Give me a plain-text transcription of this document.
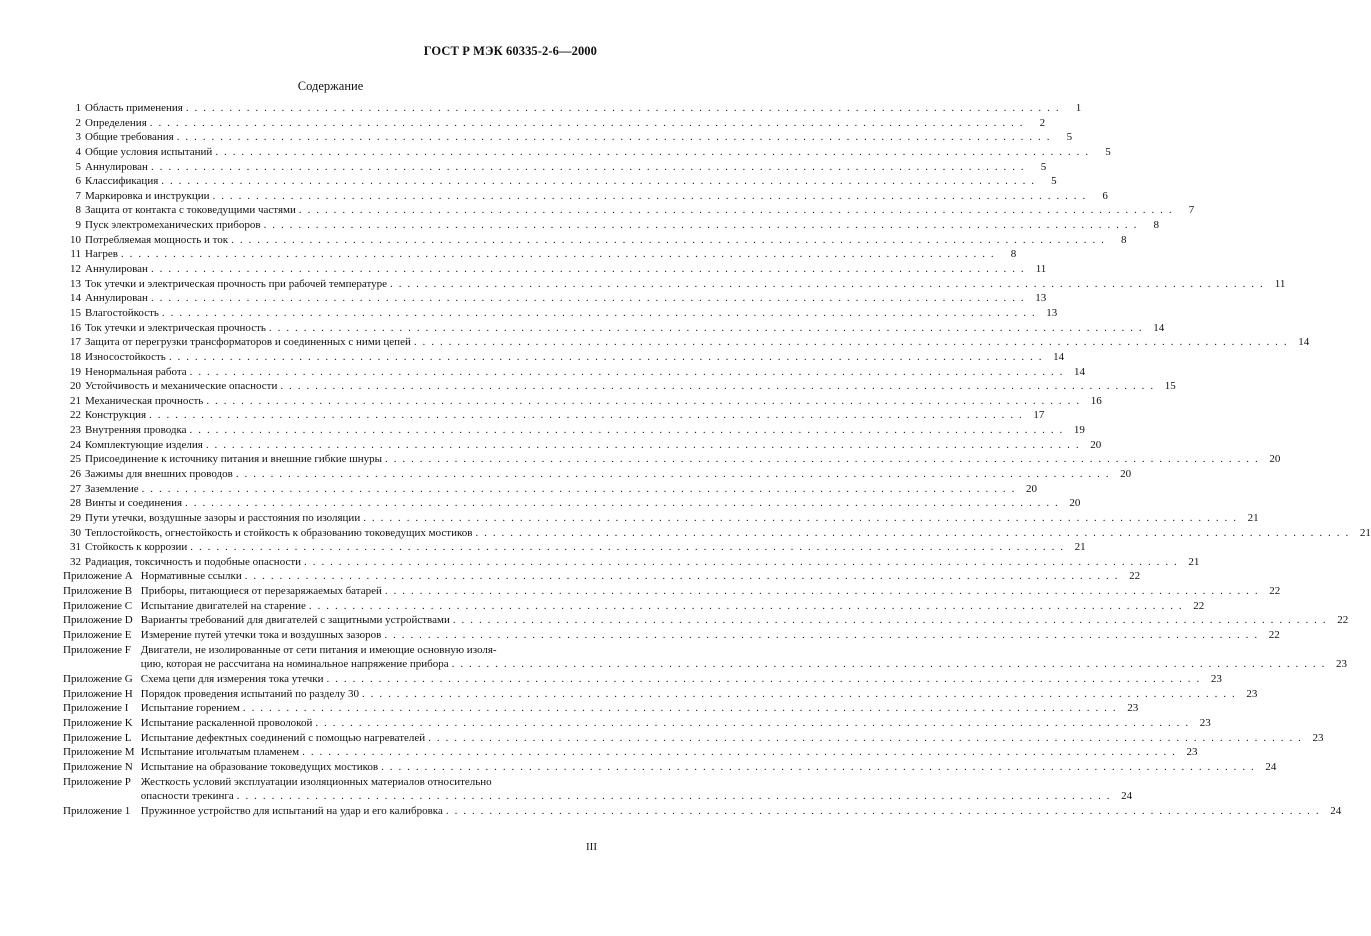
ГОСТ Р МЭК 60335-2-6—2000
Содержание
1 Область применения . . .	1
2 Определения . . .	2
3 Общие требования . . .	5
4 Общие условия испытаний . . .	5
5 Аннулирован . . .	5
6 Классификация . . .	5
7 Маркировка и инструкции . . .	6
8 Защита от контакта с токоведущими частями . . .	7
9 Пуск электромеханических приборов . . .	8
10 Потребляемая мощность и ток . . .	8
11 Нагрев . . .	8
12 Аннулирован . . .	11
13 Ток утечки и электрическая прочность при рабочей температуре . . .	11
14 Аннулирован . . .	13
15 Влагостойкость . . .	13
16 Ток утечки и электрическая прочность . . .	14
17 Защита от перегрузки трансформаторов и соединенных с ними цепей . . .	14
18 Износостойкость . . .	14
19 Ненормальная работа . . .	14
20 Устойчивость и механические опасности . . .	15
21 Механическая прочность . . .	16
22 Конструкция . . .	17
23 Внутренняя проводка . . .	19
24 Комплектующие изделия . . .	20
25 Присоединение к источнику питания и внешние гибкие шнуры . . .	20
26 Зажимы для внешних проводов . . .	20
27 Заземление . . .	20
28 Винты и соединения . . .	20
29 Пути утечки, воздушные зазоры и расстояния по изоляции . . .	21
30 Теплостойкость, огнестойкость и стойкость к образованию токоведущих мостиков . . .	21
31 Стойкость к коррозии . . .	21
32 Радиация, токсичность и подобные опасности . . .	21
Приложение A Нормативные ссылки . . .	22
Приложение B Приборы, питающиеся от перезаряжаемых батарей . . .	22
Приложение C Испытание двигателей на старение . . .	22
Приложение D Варианты требований для двигателей с защитными устройствами . . .	22
Приложение E Измерение путей утечки тока и воздушных зазоров . . .	22
Приложение F Двигатели, не изолированные от сети питания и имеющие основную изоля-
цию, которая не рассчитана на номинальное напряжение прибора . . .	23
Приложение G Схема цепи для измерения тока утечки . . .	23
Приложение H Порядок проведения испытаний по разделу 30 . . .	23
Приложение I	Испытание горением . . .	23
Приложение K Испытание раскаленной проволокой . . .	23
Приложение L Испытание дефектных соединений с помощью нагревателей . . .	23
Приложение M Испытание игольчатым пламенем . . .	23
Приложение N Испытание на образование токоведущих мостиков . . .	24
Приложение P Жесткость условий эксплуатации изоляционных материалов относительно
опасности трекинга . . .	24
Приложение 1 Пружинное устройство для испытаний на удар и его калибровка . . .	24
III
